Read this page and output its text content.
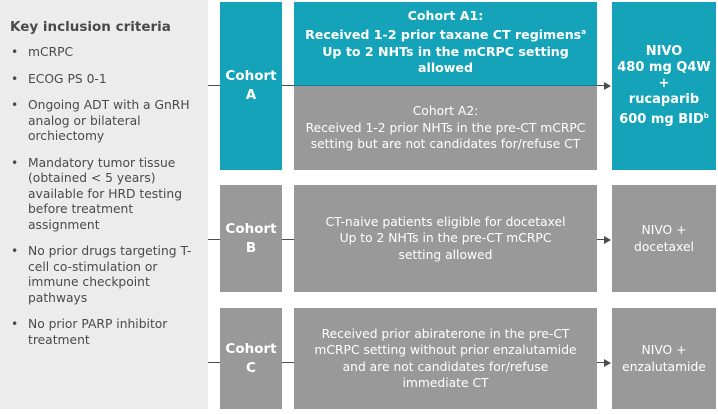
Key inclusion criteria
• mCRPC
• ECOG PS 0-1
• Ongoing ADT with a GnRH analog or bilateral orchiectomy
• Mandatory tumor tissue (obtained < 5 years) available for HRD testing before treatment assignment
• No prior drugs targeting T-cell co-stimulation or immune checkpoint pathways
• No prior PARP inhibitor treatment
Cohort
A
Cohort
B
Cohort
C
Cohort A1:
Received 1-2 prior taxane CT regimens$^a$
Up to 2 NHTs in the mCRPC setting allowed
Cohort A2:
Received 1-2 prior NHTs in the pre-CT mCRPC
setting but are not candidates for/refuse CT
CT-naive patients eligible for docetaxel
Up to 2 NHTs in the pre-CT mCRPC
setting allowed
Received prior abiraterone in the pre-CT
mCRPC setting without prior enzalutamide
and are not candidates for/refuse
immediate CT
NIVO
480 mg Q4W
+
rucaparib
600 mg BID$^b$
NIVO +
docetaxel
NIVO +
enzalutamide
